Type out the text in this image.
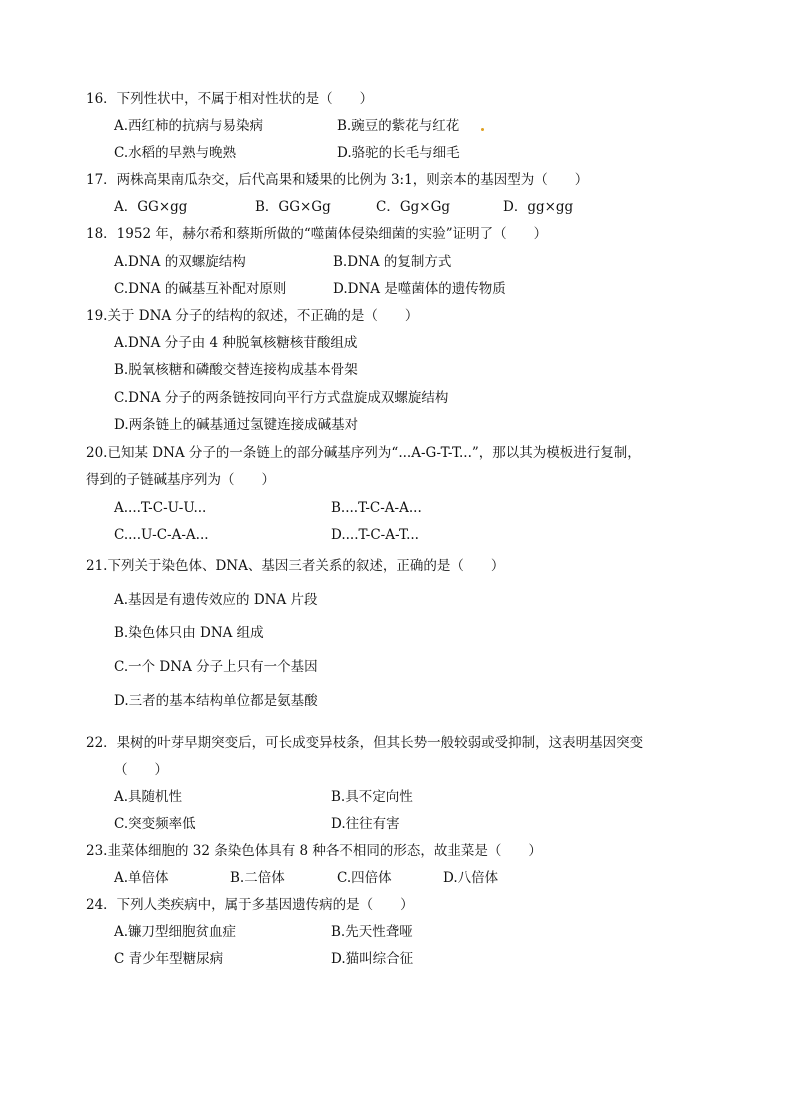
16．下列性状中，不属于相对性状的是（　　）
A.西红柿的抗病与易染病	B.豌豆的紫花与红花
C.水稻的早熟与晚熟	D.骆驼的长毛与细毛
17．两株高果南瓜杂交，后代高果和矮果的比例为 3:1，则亲本的基因型为（　　）
A．GG×gg	B．GG×Gg	C．Gg×Gg	D．gg×gg
18．1952 年，赫尔希和蔡斯所做的“噬菌体侵染细菌的实验”证明了（　　）
A.DNA 的双螺旋结构	B.DNA 的复制方式
C.DNA 的碱基互补配对原则	D.DNA 是噬菌体的遗传物质
19.关于 DNA 分子的结构的叙述，不正确的是（　　）
A.DNA 分子由 4 种脱氧核糖核苷酸组成
B.脱氧核糖和磷酸交替连接构成基本骨架
C.DNA 分子的两条链按同向平行方式盘旋成双螺旋结构
D.两条链上的碱基通过氢键连接成碱基对
20.已知某 DNA 分子的一条链上的部分碱基序列为“...A-G-T-T...”，那以其为模板进行复制，
得到的子链碱基序列为（　　）
A....T-C-U-U...	B....T-C-A-A...
C....U-C-A-A...	D....T-C-A-T...
21.下列关于染色体、DNA、基因三者关系的叙述，正确的是（　　）
A.基因是有遗传效应的 DNA 片段
B.染色体只由 DNA 组成
C.一个 DNA 分子上只有一个基因
D.三者的基本结构单位都是氨基酸
22．果树的叶芽早期突变后，可长成变异枝条，但其长势一般较弱或受抑制，这表明基因突变
（　　）
A.具随机性	B.具不定向性
C.突变频率低	D.往往有害
23.韭菜体细胞的 32 条染色体具有 8 种各不相同的形态，故韭菜是（　　）
A.单倍体	B.二倍体	C.四倍体	D.八倍体
24．下列人类疾病中，属于多基因遗传病的是（　　）
A.镰刀型细胞贫血症	B.先天性聋哑
C 青少年型糖尿病	D.猫叫综合征
